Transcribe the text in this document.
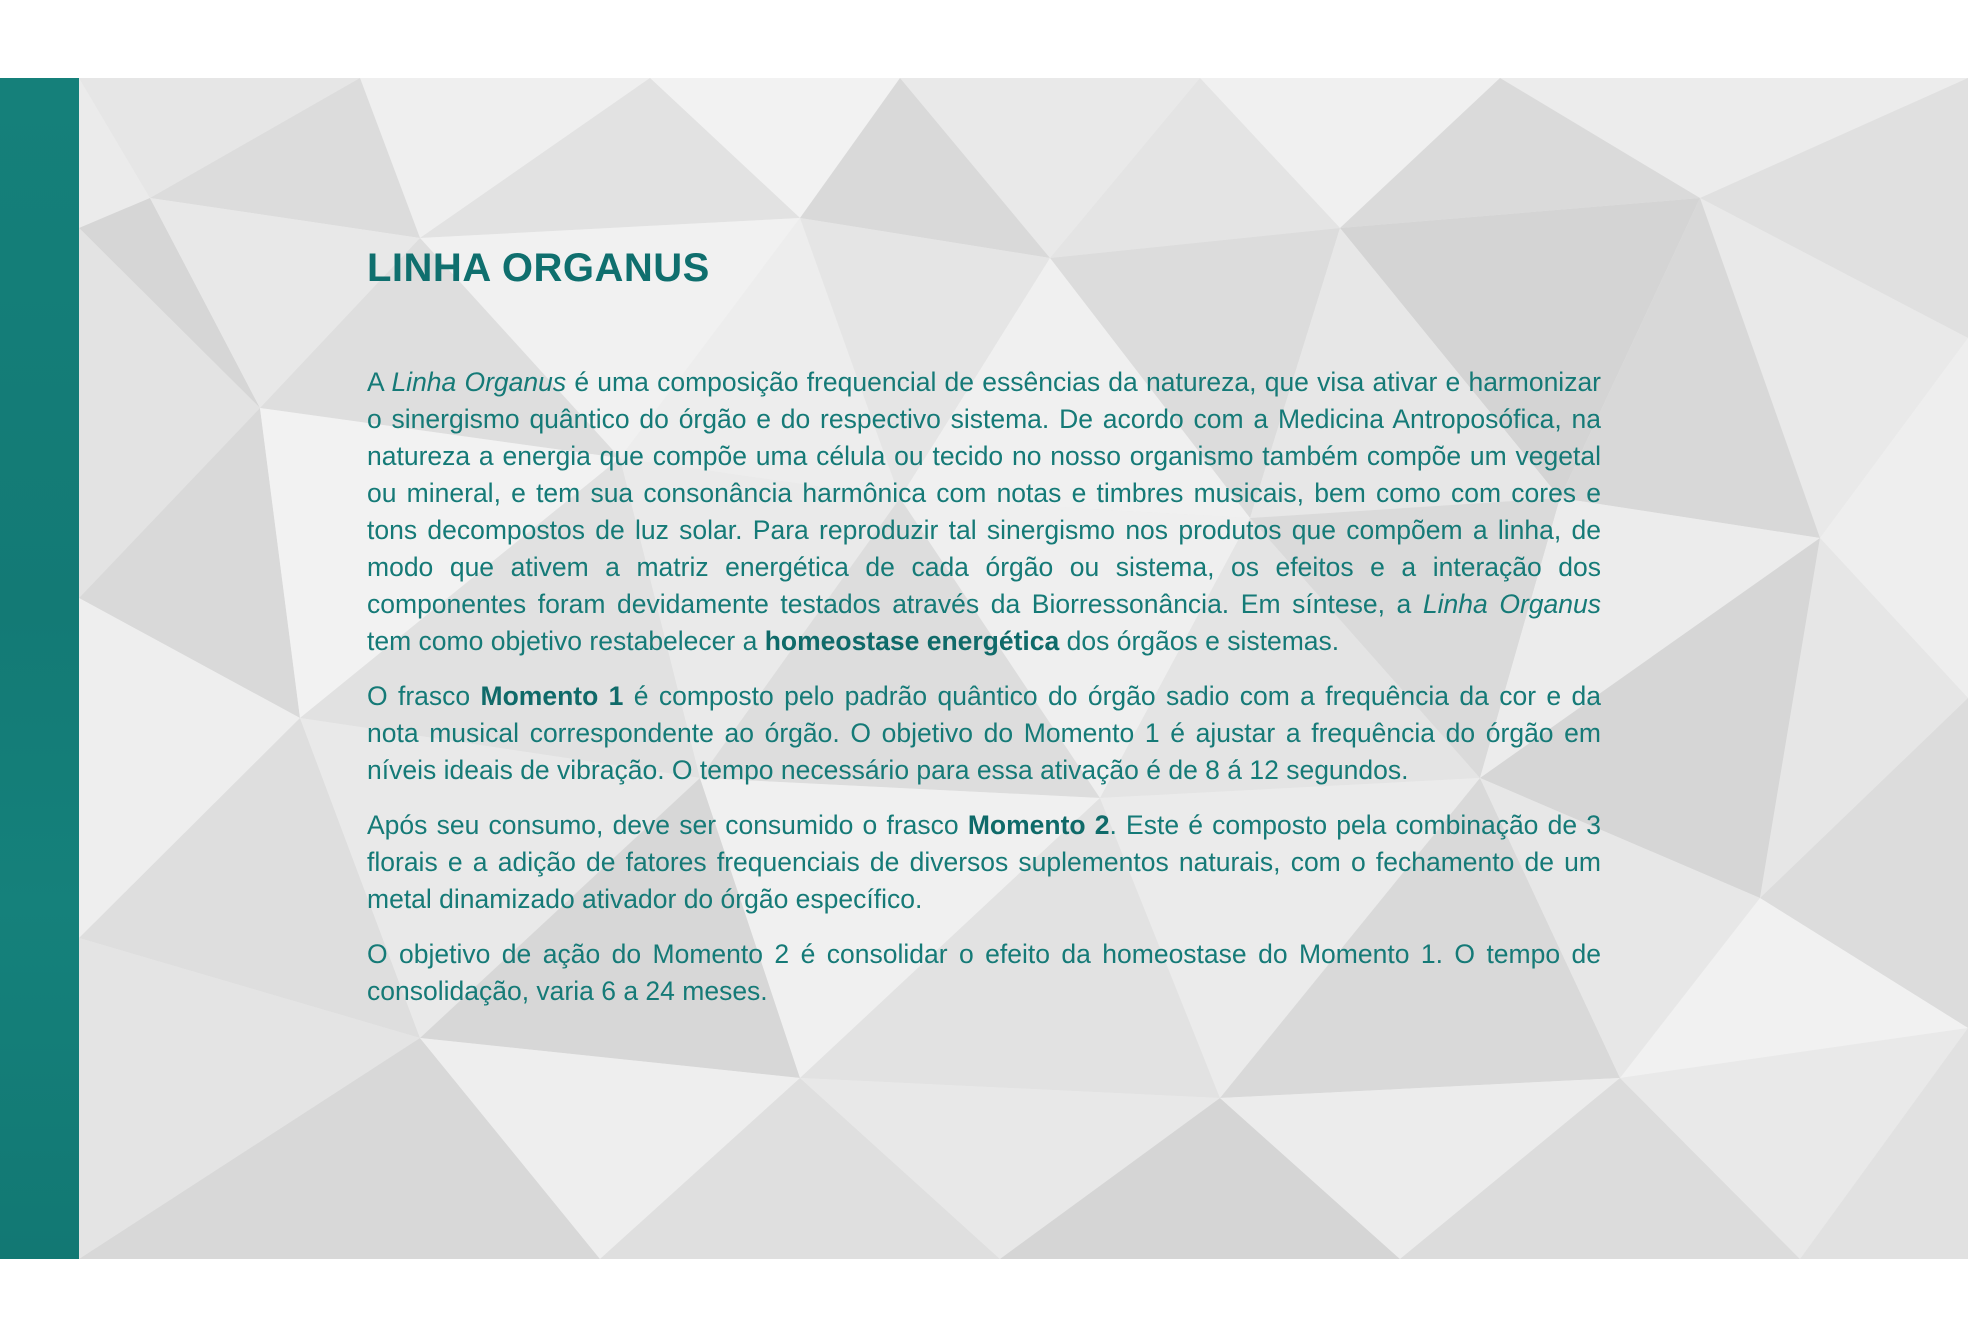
LINHA ORGANUS

A Linha Organus é uma composição frequencial de essências da natureza, que visa ativar e harmonizar o sinergismo quântico do órgão e do respectivo sistema. De acordo com a Medicina Antroposófica, na natureza a energia que compõe uma célula ou tecido no nosso organismo também compõe um vegetal ou mineral, e tem sua consonância harmônica com notas e timbres musicais, bem como com cores e tons decompostos de luz solar. Para reproduzir tal sinergismo nos produtos que compõem a linha, de modo que ativem a matriz energética de cada órgão ou sistema, os efeitos e a interação dos componentes foram devidamente testados através da Biorressonância. Em síntese, a Linha Organus tem como objetivo restabelecer a homeostase energética dos órgãos e sistemas.

O frasco Momento 1 é composto pelo padrão quântico do órgão sadio com a frequência da cor e da nota musical correspondente ao órgão. O objetivo do Momento 1 é ajustar a frequência do órgão em níveis ideais de vibração. O tempo necessário para essa ativação é de 8 á 12 segundos.

Após seu consumo, deve ser consumido o frasco Momento 2. Este é composto pela combinação de 3 florais e a adição de fatores frequenciais de diversos suplementos naturais, com o fechamento de um metal dinamizado ativador do órgão específico.

O objetivo de ação do Momento 2 é consolidar o efeito da homeostase do Momento 1. O tempo de consolidação, varia 6 a 24 meses.
